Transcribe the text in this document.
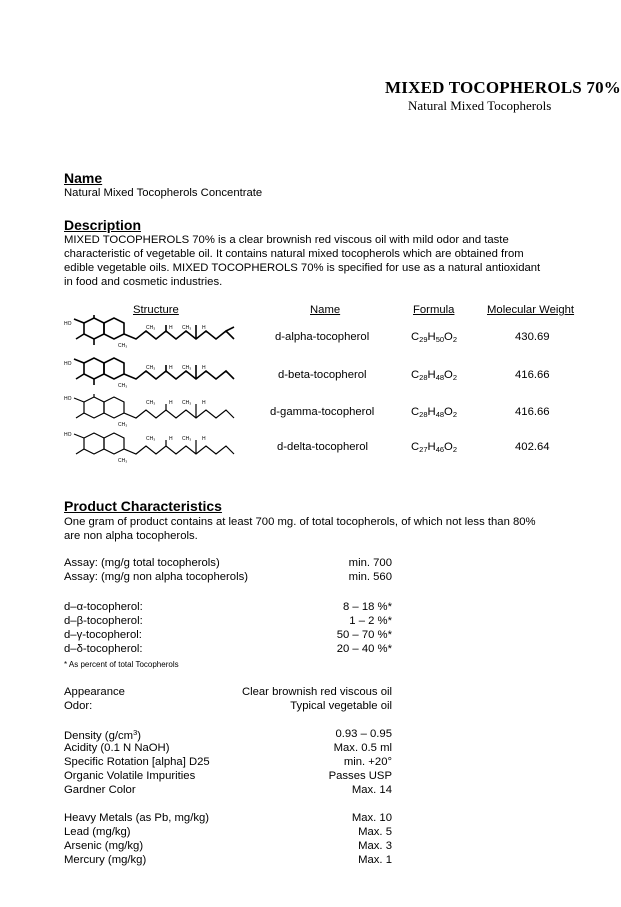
MIXED TOCOPHEROLS 70%
Natural Mixed Tocopherols
Name
Natural Mixed Tocopherols Concentrate
Description
MIXED TOCOPHEROLS 70% is a clear brownish red viscous oil with mild odor and taste
characteristic of vegetable oil. It contains natural mixed tocopherols which are obtained from
edible vegetable oils. MIXED TOCOPHEROLS 70% is specified for use as a natural antioxidant
in food and cosmetic industries.
Structure	Name	Formula	Molecular Weight
HO
CH₃	H CH₃ H
CH₃
HO
CH₃	H CH₃ H
CH₃
HO
CH₃	H CH₃ H
CH₃
HO
CH₃	H CH₃ H
CH₃
d-alpha-tocopherol	$C_{29}H_{50}O_2$	430.69
d-beta-tocopherol	$C_{28}H_{48}O_2$	416.66
d-gamma-tocopherol	$C_{28}H_{48}O_2$	416.66
d-delta-tocopherol	$C_{27}H_{46}O_2$	402.64
Product Characteristics
One gram of product contains at least 700 mg. of total tocopherols, of which not less than 80%
are non alpha tocopherols.
Assay: (mg/g total tocopherols)	min. 700
Assay: (mg/g non alpha tocopherols)	min. 560
d–α-tocopherol:	8 – 18 %*
d–β-tocopherol:	1 – 2 %*
d–γ-tocopherol:	50 – 70 %*
d–δ-tocopherol:	20 – 40 %*
* As percent of total Tocopherols
Appearance	Clear brownish red viscous oil
Odor:	Typical vegetable oil
Density $(g/cm^3)$	0.93 – 0.95
Acidity (0.1 N NaOH)	Max. 0.5 ml
Specific Rotation [alpha] D25	min. +20°
Organic Volatile Impurities	Passes USP
Gardner Color	Max. 14
Heavy Metals (as Pb, mg/kg)	Max. 10
Lead (mg/kg)	Max. 5
Arsenic (mg/kg)	Max. 3
Mercury (mg/kg)	Max. 1
